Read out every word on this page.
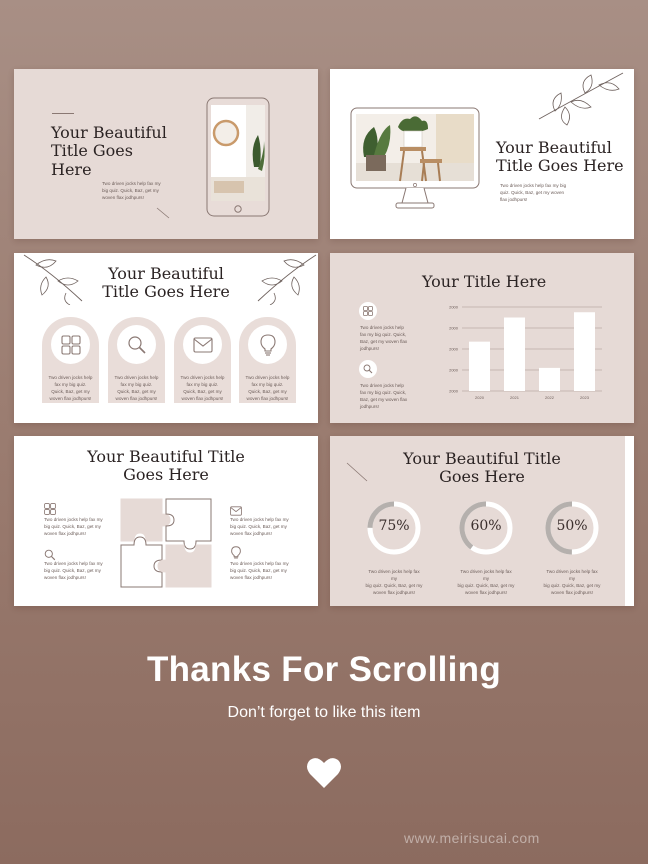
Your Beautiful
Title Goes
Here
Two driven jocks help fax my
big quiz. Quick, Baz, get my
woven flax jodhpurs!
Your Beautiful
Title Goes Here
Two driven jocks help fax my big
quiz. Quick, Baz, get my woven
flax jodhpurs!
Your Beautiful
Title Goes Here
Two driven jocks help
fax my big quiz.
Quick, Baz, get my
woven flax jodhpurs!
Two driven jocks help
fax my big quiz.
Quick, Baz, get my
woven flax jodhpurs!
Two driven jocks help
fax my big quiz.
Quick, Baz, get my
woven flax jodhpurs!
Two driven jocks help
fax my big quiz.
Quick, Baz, get my
woven flax jodhpurs!
Your Title Here
Two driven jocks help
fax my big quiz. Quick,
Baz, get my woven flax
jodhpurs!
Two driven jocks help
fax my big quiz. Quick,
Baz, get my woven flax
jodhpurs!
2000
2000
2000
2000
2000
2020	2021	2022	2023
Your Beautiful Title
Goes Here
Two driven jocks help fax my
big quiz. Quick, Baz, get my
woven flax jodhpurs!
Two driven jocks help fax my
big quiz. Quick, Baz, get my
woven flax jodhpurs!
Two driven jocks help fax my
big quiz. Quick, Baz, get my
woven flax jodhpurs!
Two driven jocks help fax my
big quiz. Quick, Baz, get my
woven flax jodhpurs!
Your Beautiful Title
Goes Here
75%
Two driven jocks help fax my
big quiz. Quick, Baz, get my
woven flax jodhpurs!
60%
Two driven jocks help fax my
big quiz. Quick, Baz, get my
woven flax jodhpurs!
50%
Two driven jocks help fax my
big quiz. Quick, Baz, get my
woven flax jodhpurs!
Thanks For Scrolling
Don’t forget to like this item
www.meirisucai.com
